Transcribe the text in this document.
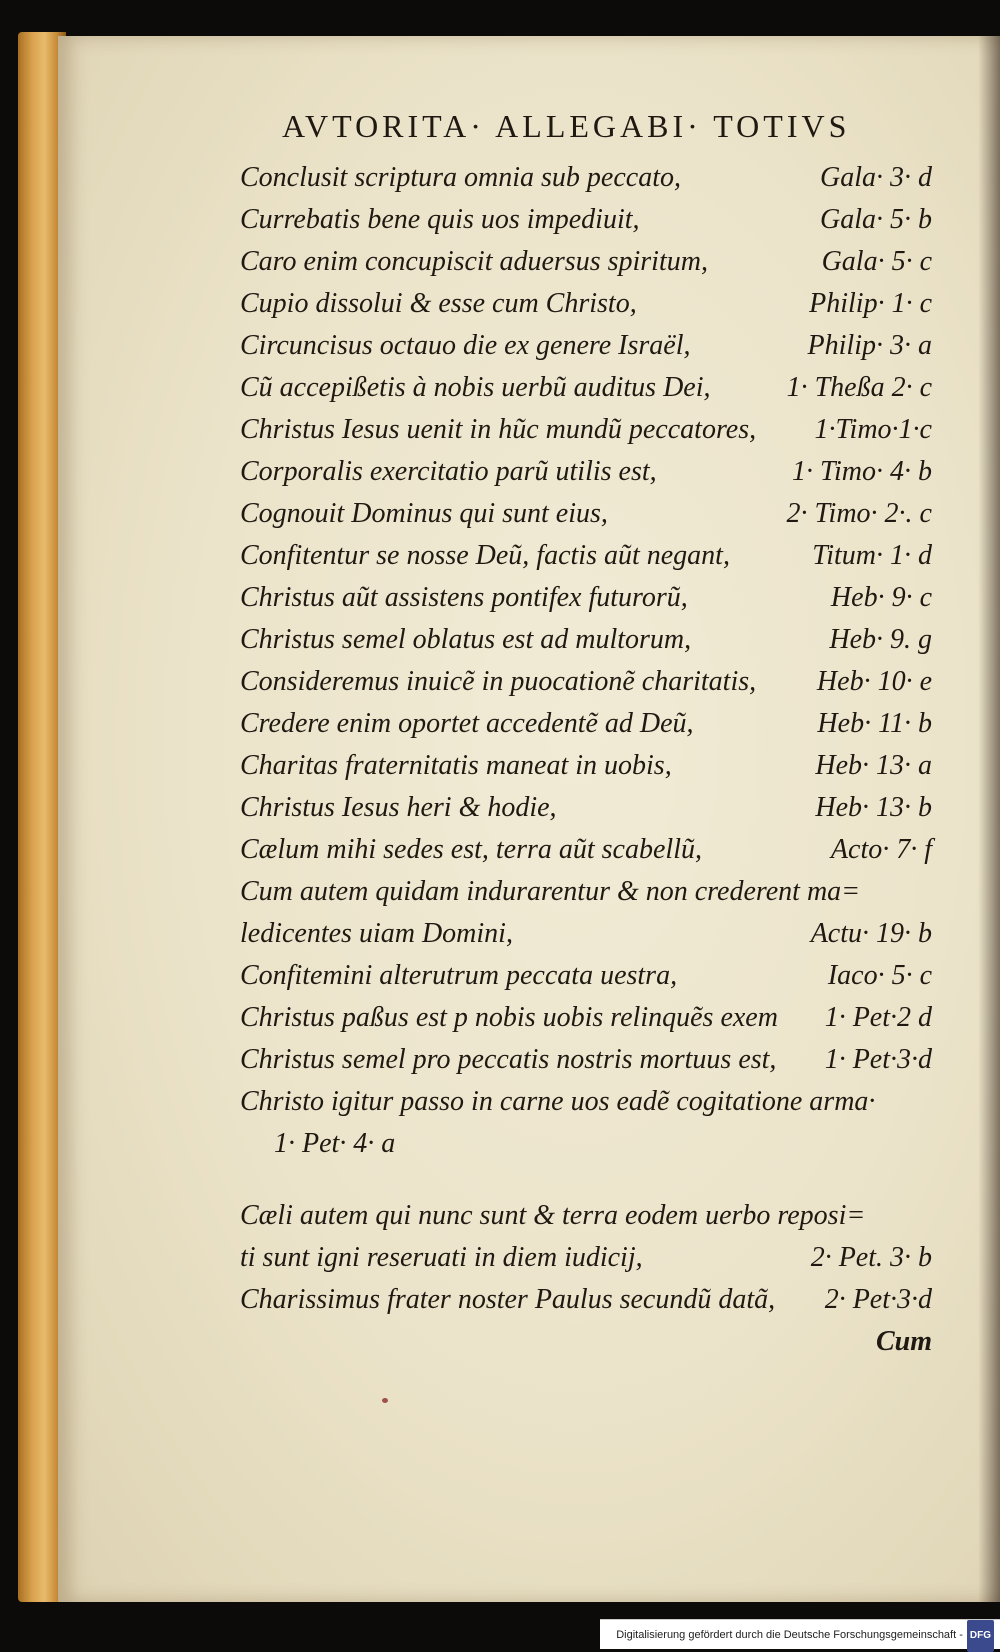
AVTORITA· ALLEGABI· TOTIVS
Conclusit scriptura omnia sub peccato,	Gala· 3· d
Currebatis bene quis uos impediuit,	Gala· 5· b
Caro enim concupiscit aduersus spiritum,	Gala· 5· c
Cupio dissolui & esse cum Christo,	Philip· 1· c
Circuncisus octauo die ex genere Israël,	Philip· 3· a
Cũ accepißetis à nobis uerbũ auditus Dei,	1· Theßa 2· c
Christus Iesus uenit in hũc mundũ peccatores, 1·Timo·1·c
Corporalis exercitatio parũ utilis est,	1· Timo· 4· b
Cognouit Dominus qui sunt eius,	2· Timo· 2·. c
Confitentur se nosse Deũ, factis aũt negant,	Titum· 1· d
Christus aũt assistens pontifex futurorũ,	Heb· 9· c
Christus semel oblatus est ad multorum,	Heb· 9. g
Consideremus inuicẽ in puocationẽ charitatis, Heb· 10· e
Credere enim oportet accedentẽ ad Deũ,	Heb· 11· b
Charitas fraternitatis maneat in uobis,	Heb· 13· a
Christus Iesus heri & hodie,	Heb· 13· b
Cælum mihi sedes est, terra aũt scabellũ,	Acto· 7· f
Cum autem quidam indurarentur & non crederent ma=
ledicentes uiam Domini,	Actu· 19· b
Confitemini alterutrum peccata uestra,	Iaco· 5· c
Christus paßus est p nobis uobis relinquẽs exem 1· Pet·2 d
Christus semel pro peccatis nostris mortuus est, 1· Pet·3·d
Christo igitur passo in carne uos eadẽ cogitatione arma·
1· Pet· 4· a
Cæli autem qui nunc sunt & terra eodem uerbo reposi=
ti sunt igni reseruati in diem iudicij,	2· Pet. 3· b
Charissimus frater noster Paulus secundũ datã, 2· Pet·3·d
Cum
Digitalisierung gefördert durch die Deutsche Forschungsgemeinschaft - DFG
